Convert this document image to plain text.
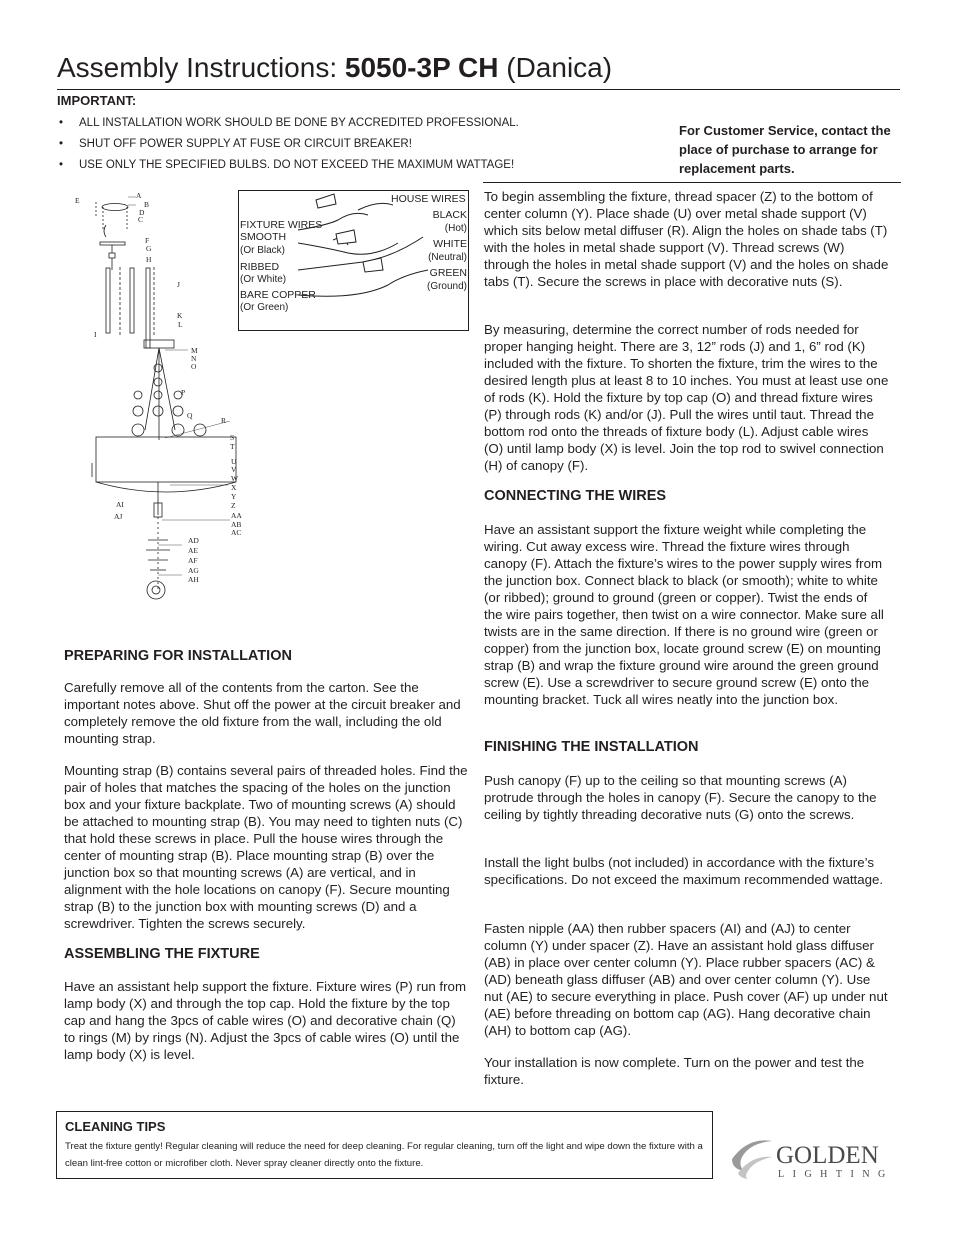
Assembly Instructions: 5050-3P CH (Danica)
IMPORTANT:
• ALL INSTALLATION WORK SHOULD BE DONE BY ACCREDITED PROFESSIONAL.
• SHUT OFF POWER SUPPLY AT FUSE OR CIRCUIT BREAKER!
• USE ONLY THE SPECIFIED BULBS. DO NOT EXCEED THE MAXIMUM WATTAGE!
For Customer Service, contact the place of purchase to arrange for replacement parts.
A
B
C
D
E
F
G
H
I
J
K
L
M
N
O
P
Q
R
S
T
U
V
W
X
Y
Z
AA
AB
AC
AD
AE
AF
AG
AH
AI
AJ
HOUSE WIRES
FIXTURE WIRES
SMOOTH
(Or Black)
RIBBED
(Or White)
BARE COPPER
(Or Green)
BLACK
(Hot)
WHITE
(Neutral)
GREEN
(Ground)
PREPARING FOR INSTALLATION
Carefully remove all of the contents from the carton. See the important notes above. Shut off the power at the circuit breaker and completely remove the old fixture from the wall, including the old mounting strap.
Mounting strap (B) contains several pairs of threaded holes. Find the pair of holes that matches the spacing of the holes on the junction box and your fixture backplate. Two of mounting screws (A) should be attached to mounting strap (B). You may need to tighten nuts (C) that hold these screws in place. Pull the house wires through the center of mounting strap (B). Place mounting strap (B) over the junction box so that mounting screws (A) are vertical, and in alignment with the hole locations on canopy (F). Secure mounting strap (B) to the junction box with mounting screws (D) and a screwdriver. Tighten the screws securely.
ASSEMBLING THE FIXTURE
Have an assistant help support the fixture. Fixture wires (P) run from lamp body (X) and through the top cap. Hold the fixture by the top cap and hang the 3pcs of cable wires (O) and decorative chain (Q) to rings (M) by rings (N). Adjust the 3pcs of cable wires (O) until the lamp body (X) is level.
To begin assembling the fixture, thread spacer (Z) to the bottom of center column (Y). Place shade (U) over metal shade support (V) which sits below metal diffuser (R). Align the holes on shade tabs (T) with the holes in metal shade support (V). Thread screws (W) through the holes in metal shade support (V) and the holes on shade tabs (T). Secure the screws in place with decorative nuts (S).
By measuring, determine the correct number of rods needed for proper hanging height. There are 3, 12” rods (J) and 1, 6” rod (K) included with the fixture. To shorten the fixture, trim the wires to the desired length plus at least 8 to 10 inches. You must at least use one of rods (K). Hold the fixture by top cap (O) and thread fixture wires (P) through rods (K) and/or (J). Pull the wires until taut. Thread the bottom rod onto the threads of fixture body (L). Adjust cable wires (O) until lamp body (X) is level. Join the top rod to swivel connection (H) of canopy (F).
CONNECTING THE WIRES
Have an assistant support the fixture weight while completing the wiring. Cut away excess wire. Thread the fixture wires through canopy (F). Attach the fixture’s wires to the power supply wires from the junction box. Connect black to black (or smooth); white to white (or ribbed); ground to ground (green or copper). Twist the ends of the wire pairs together, then twist on a wire connector. Make sure all twists are in the same direction. If there is no ground wire (green or copper) from the junction box, locate ground screw (E) on mounting strap (B) and wrap the fixture ground wire around the green ground screw (E). Use a screwdriver to secure ground screw (E) onto the mounting bracket. Tuck all wires neatly into the junction box.
FINISHING THE INSTALLATION
Push canopy (F) up to the ceiling so that mounting screws (A) protrude through the holes in canopy (F). Secure the canopy to the ceiling by tightly threading decorative nuts (G) onto the screws.
Install the light bulbs (not included) in accordance with the fixture’s specifications. Do not exceed the maximum recommended wattage.
Fasten nipple (AA) then rubber spacers (AI) and (AJ) to center column (Y) under spacer (Z). Have an assistant hold glass diffuser (AB) in place over center column (Y). Place rubber spacers (AC) & (AD) beneath glass diffuser (AB) and over center column (Y). Use nut (AE) to secure everything in place. Push cover (AF) up under nut (AE) before threading on bottom cap (AG). Hang decorative chain (AH) to bottom cap (AG).
Your installation is now complete. Turn on the power and test the fixture.
CLEANING TIPS
Treat the fixture gently! Regular cleaning will reduce the need for deep cleaning. For regular cleaning, turn off the light and wipe down the fixture with a clean lint-free cotton or microfiber cloth. Never spray cleaner directly onto the fixture.	GOLDEN
LIGHTING
